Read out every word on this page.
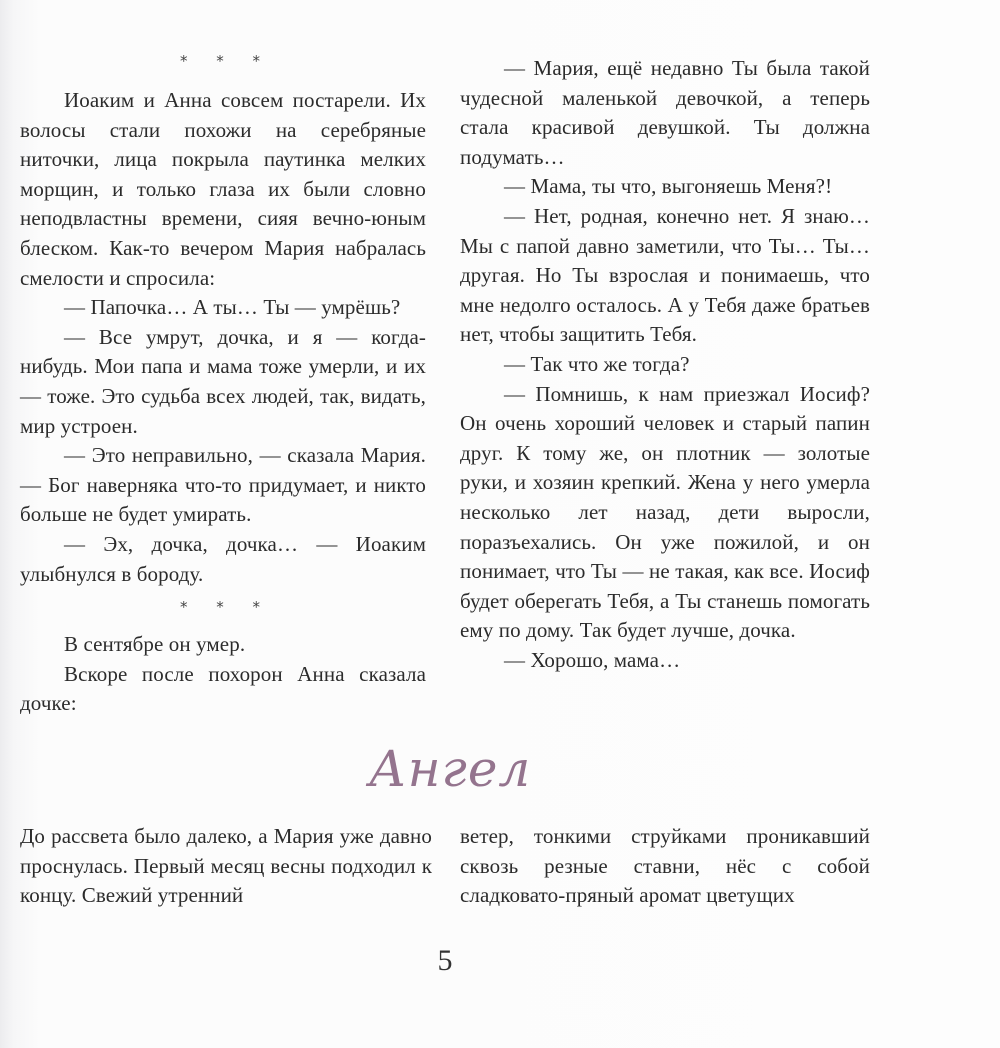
* * *

Иоаким и Анна совсем постарели. Их волосы стали похожи на серебряные ниточки, лица покрыла паутинка мелких морщин, и только глаза их были словно неподвластны времени, сияя вечно-юным блеском. Как-то вечером Мария набралась смелости и спросила:

— Папочка… А ты… Ты — умрёшь?

— Все умрут, дочка, и я — когда-нибудь. Мои папа и мама тоже умерли, и их — тоже. Это судьба всех людей, так, видать, мир устроен.

— Это неправильно, — сказала Мария. — Бог наверняка что-то придумает, и никто больше не будет умирать.

— Эх, дочка, дочка… — Иоаким улыбнулся в бороду.

* * *

В сентябре он умер.

Вскоре после похорон Анна сказала дочке:

— Мария, ещё недавно Ты была такой чудесной маленькой девочкой, а теперь стала красивой девушкой. Ты должна подумать…

— Мама, ты что, выгоняешь Меня?!

— Нет, родная, конечно нет. Я знаю… Мы с папой давно заметили, что Ты… Ты… другая. Но Ты взрослая и понимаешь, что мне недолго осталось. А у Тебя даже братьев нет, чтобы защитить Тебя.

— Так что же тогда?

— Помнишь, к нам приезжал Иосиф? Он очень хороший человек и старый папин друг. К тому же, он плотник — золотые руки, и хозяин крепкий. Жена у него умерла несколько лет назад, дети выросли, поразъехались. Он уже пожилой, и он понимает, что Ты — не такая, как все. Иосиф будет оберегать Тебя, а Ты станешь помогать ему по дому. Так будет лучше, дочка.

— Хорошо, мама…

Ангел

До рассвета было далеко, а Мария уже давно проснулась. Первый месяц весны подходил к концу. Свежий утренний

ветер, тонкими струйками проникавший сквозь резные ставни, нёс с собой сладковато-пряный аромат цветущих

5
